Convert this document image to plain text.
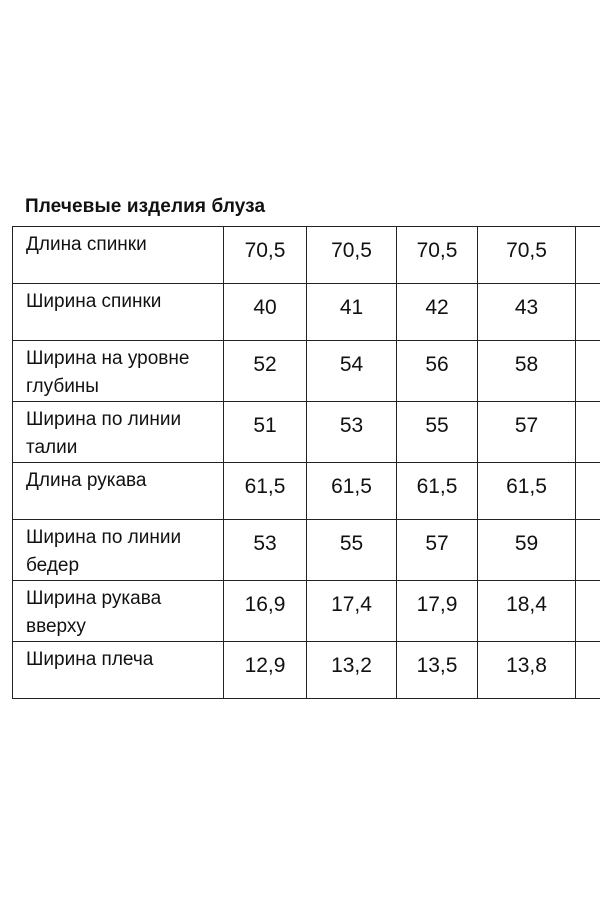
Плечевые изделия блуза
Длина спинки	70,5	70,5	70,5	70,5	

Ширина спинки	40	41	42	43	

Ширина на уровне глубины	52	54	56	58	

Ширина по линии талии	51	53	55	57	

Длина рукава	61,5	61,5	61,5	61,5	

Ширина по линии бедер	53	55	57	59	

Ширина рукава вверху	16,9	17,4	17,9	18,4	

Ширина плеча	12,9	13,2	13,5	13,8	
